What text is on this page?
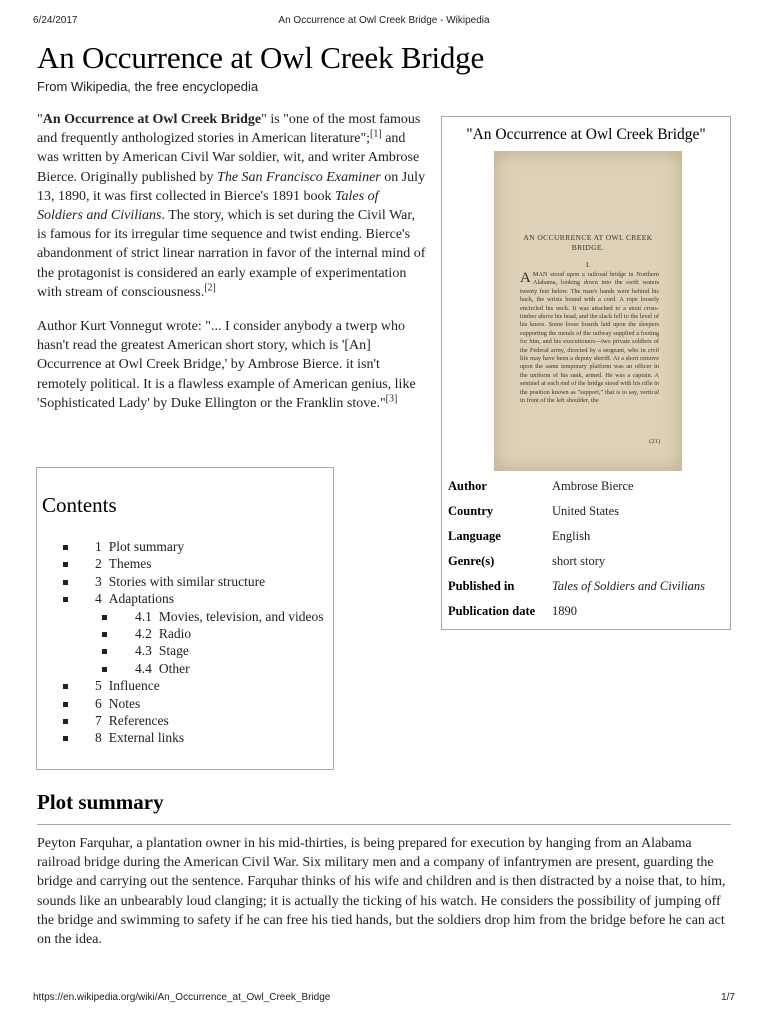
6/24/2017	An Occurrence at Owl Creek Bridge - Wikipedia
An Occurrence at Owl Creek Bridge
From Wikipedia, the free encyclopedia

"An Occurrence at Owl Creek Bridge" is "one of the most famous and frequently anthologized stories in American literature";[1] and was written by American Civil War soldier, wit, and writer Ambrose Bierce. Originally published by The San Francisco Examiner on July 13, 1890, it was first collected in Bierce's 1891 book Tales of Soldiers and Civilians. The story, which is set during the Civil War, is famous for its irregular time sequence and twist ending. Bierce's abandonment of strict linear narration in favor of the internal mind of the protagonist is considered an early example of experimentation with stream of consciousness.[2]

Author Kurt Vonnegut wrote: "... I consider anybody a twerp who hasn't read the greatest American short story, which is '[An] Occurrence at Owl Creek Bridge,' by Ambrose Bierce. it isn't remotely political. It is a flawless example of American genius, like 'Sophisticated Lady' by Duke Ellington or the Franklin stove."[3]

"An Occurrence at Owl Creek Bridge"
AN OCCURRENCE AT OWL CREEK
BRIDGE.
I.
AMAN stood upon a railroad bridge in Northern Alabama, looking down into the swift waters twenty feet below. The man's hands were behind his back, the wrists bound with a cord. A rope loosely encircled his neck. It was attached to a stout cross-timber above his head, and the slack fell to the level of his knees. Some loose boards laid upon the sleepers supporting the metals of the railway supplied a footing for him, and his executioners—two private soldiers of the Federal army, directed by a sergeant, who in civil life may have been a deputy sheriff. At a short remove upon the same temporary platform was an officer in the uniform of his rank, armed. He was a captain. A sentinel at each end of the bridge stood with his rifle in the position known as "support," that is to say, vertical in front of the left shoulder, the
(21)
Author	Ambrose Bierce
Country	United States
Language	English
Genre(s)	short story
Published in	Tales of Soldiers and Civilians
Publication date 1890
Contents
1 Plot summary
2 Themes
3 Stories with similar structure
4 Adaptations
4.1 Movies, television, and videos
4.2 Radio
4.3 Stage
4.4 Other
5 Influence
6 Notes
7 References
8 External links
Plot summary

Peyton Farquhar, a plantation owner in his mid-thirties, is being prepared for execution by hanging from an Alabama railroad bridge during the American Civil War. Six military men and a company of infantrymen are present, guarding the bridge and carrying out the sentence. Farquhar thinks of his wife and children and is then distracted by a noise that, to him, sounds like an unbearably loud clanging; it is actually the ticking of his watch. He considers the possibility of jumping off the bridge and swimming to safety if he can free his tied hands, but the soldiers drop him from the bridge before he can act on the idea.

https://en.wikipedia.org/wiki/An_Occurrence_at_Owl_Creek_Bridge	1/7
